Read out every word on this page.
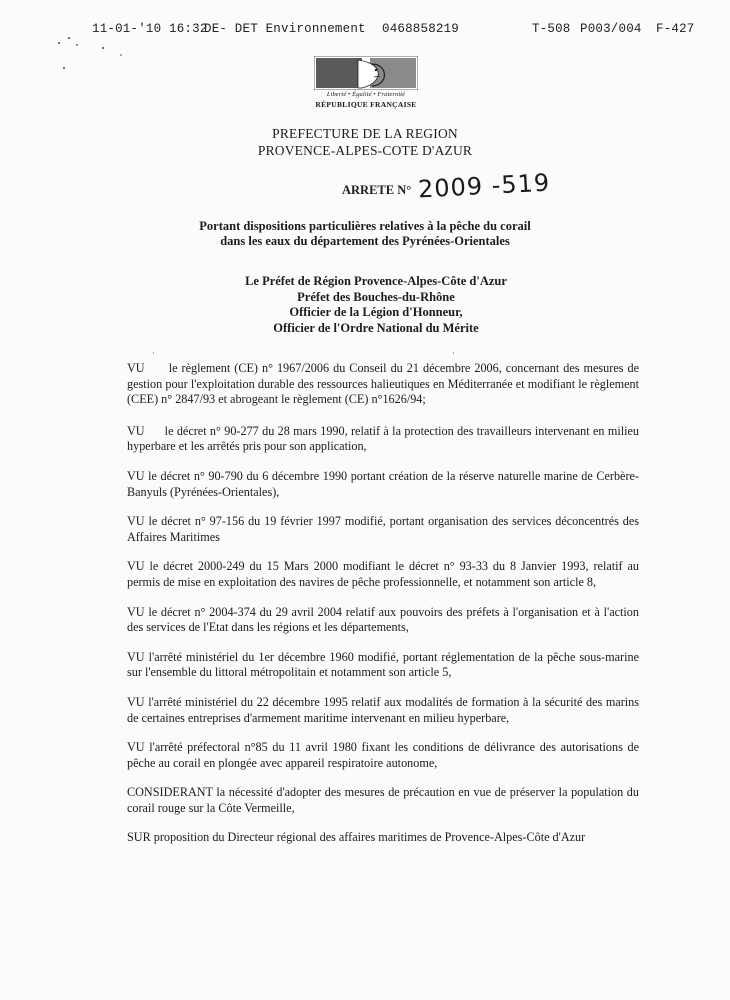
11-01-'10 16:32
DE- DET Environnement 0468858219	T-508 P003/004 F-427
Liberté • Égalité • Fraternité
RÉPUBLIQUE FRANÇAISE
PREFECTURE DE LA REGION
PROVENCE-ALPES-COTE D'AZUR
ARRETE N° 2009 -519
Portant dispositions particulières relatives à la pêche du corail
dans les eaux du département des Pyrénées-Orientales
Le Préfet de Région Provence-Alpes-Côte d'Azur
Préfet des Bouches-du-Rhône
Officier de la Légion d'Honneur,
Officier de l'Ordre National du Mérite
·	·

VU      le règlement (CE) n° 1967/2006 du Conseil du 21 décembre 2006, concernant des mesures de gestion pour l'exploitation durable des ressources halieutiques en Méditerranée et modifiant le règlement (CEE) n° 2847/93 et abrogeant le règlement (CE) n°1626/94;

VU      le décret n° 90-277 du 28 mars 1990, relatif à la protection des travailleurs intervenant en milieu hyperbare et les arrêtés pris pour son application,

VU le décret n° 90-790 du 6 décembre 1990 portant création de la réserve naturelle marine de Cerbère-Banyuls (Pyrénées-Orientales),

VU le décret n° 97-156 du 19 février 1997 modifié, portant organisation des services déconcentrés des Affaires Maritimes

VU le décret 2000-249 du 15 Mars 2000 modifiant le décret n° 93-33 du 8 Janvier 1993, relatif au permis de mise en exploitation des navires de pêche professionnelle, et notamment son article 8,

VU le décret n° 2004-374 du 29 avril 2004 relatif aux pouvoirs des préfets à l'organisation et à l'action des services de l'Etat dans les régions et les départements,

VU l'arrêté ministériel du 1er décembre 1960 modifié, portant réglementation de la pêche sous-marine sur l'ensemble du littoral métropolitain et notamment son article 5,

VU l'arrêté ministériel du 22 décembre 1995 relatif aux modalités de formation à la sécurité des marins de certaines entreprises d'armement maritime intervenant en milieu hyperbare,

VU l'arrêté préfectoral n°85 du 11 avril 1980 fixant les conditions de délivrance des autorisations de pêche au corail en plongée avec appareil respiratoire autonome,

CONSIDERANT la nécessité d'adopter des mesures de précaution en vue de préserver la population du corail rouge sur la Côte Vermeille,

SUR proposition du Directeur régional des affaires maritimes de Provence-Alpes-Côte d'Azur
